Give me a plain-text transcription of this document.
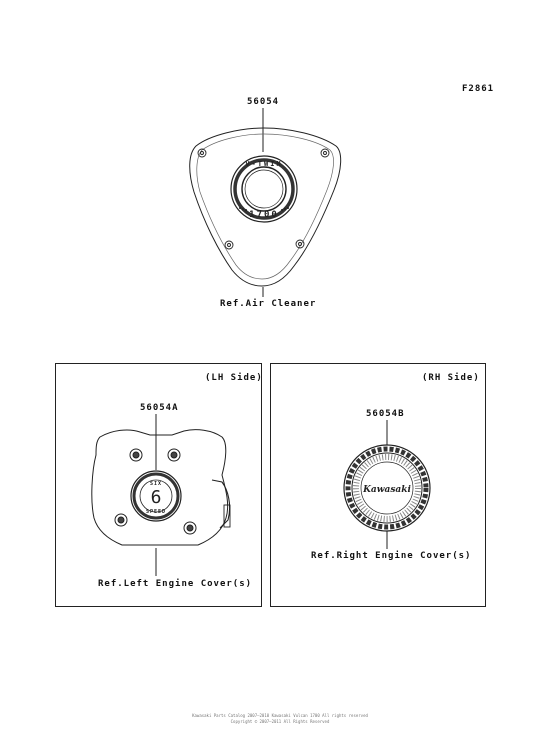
F2861
56054
Ref.Air Cleaner
(LH Side)
56054A
Ref.Left Engine Cover(s)
(RH Side)
56054B
Ref.Right Engine Cover(s)
V-TWIN
1700
6
SIX
SPEED
Kawasaki
Kawasaki Parts Catalog 2007–2010 Kawasaki Vulcan 1700 All rights reserved
Copyright © 2007–2011 All Rights Reserved
